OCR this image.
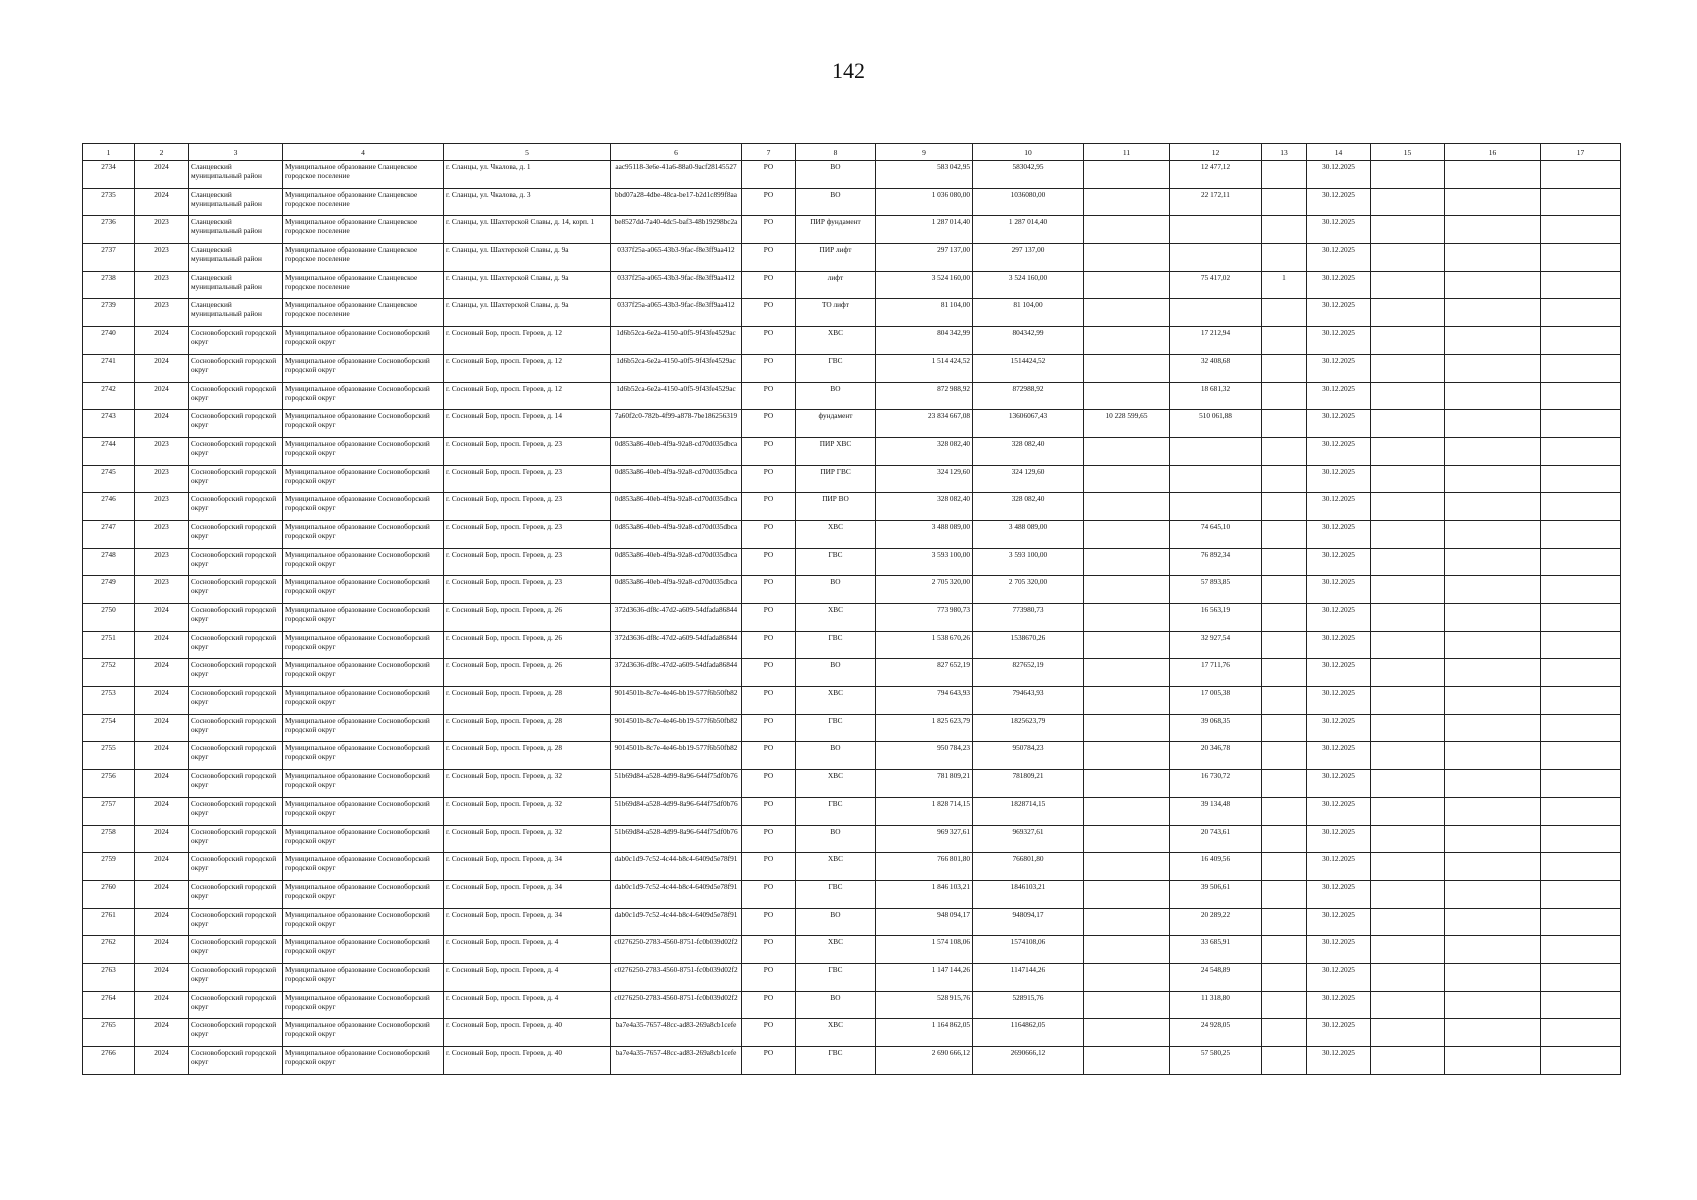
142
1	2	3	4	5	6	7	8	9	10	11	12	13	14	15	16	17
2734	2024	Сланцевский муниципальный район	Муниципальное образование Сланцевское городское поселение	г. Сланцы, ул. Чкалова, д. 1	aac95118-3e6e-41a6-88a0-9acf28145527	РО	ВО	583 042,95	583042,95		12 477,12		30.12.2025			
2735	2024	Сланцевский муниципальный район	Муниципальное образование Сланцевское городское поселение	г. Сланцы, ул. Чкалова, д. 3	bbd07a28-4dbe-48ca-be17-b2d1c899f8aa	РО	ВО	1 036 080,00	1036080,00		22 172,11		30.12.2025			
2736	2023	Сланцевский муниципальный район	Муниципальное образование Сланцевское городское поселение	г. Сланцы, ул. Шахтерской Славы, д. 14, корп. 1	be8527dd-7a40-4dc5-baf3-48b19298bc2a	РО	ПИР фундамент	1 287 014,40	1 287 014,40				30.12.2025			
2737	2023	Сланцевский муниципальный район	Муниципальное образование Сланцевское городское поселение	г. Сланцы, ул. Шахтерской Славы, д. 9а	0337f25a-a065-43b3-9fac-f8e3ff9aa412	РО	ПИР лифт	297 137,00	297 137,00				30.12.2025			
2738	2023	Сланцевский муниципальный район	Муниципальное образование Сланцевское городское поселение	г. Сланцы, ул. Шахтерской Славы, д. 9а	0337f25a-a065-43b3-9fac-f8e3ff9aa412	РО	лифт	3 524 160,00	3 524 160,00		75 417,02	1	30.12.2025			
2739	2023	Сланцевский муниципальный район	Муниципальное образование Сланцевское городское поселение	г. Сланцы, ул. Шахтерской Славы, д. 9а	0337f25a-a065-43b3-9fac-f8e3ff9aa412	РО	ТО лифт	81 104,00	81 104,00				30.12.2025			
2740	2024	Сосновоборский городской округ	Муниципальное образование Сосновоборский городской округ	г. Сосновый Бор, просп. Героев, д. 12	1d6b52ca-6e2a-4150-a0f5-9f43fe4529ac	РО	ХВС	804 342,99	804342,99		17 212,94		30.12.2025			
2741	2024	Сосновоборский городской округ	Муниципальное образование Сосновоборский городской округ	г. Сосновый Бор, просп. Героев, д. 12	1d6b52ca-6e2a-4150-a0f5-9f43fe4529ac	РО	ГВС	1 514 424,52	1514424,52		32 408,68		30.12.2025			
2742	2024	Сосновоборский городской округ	Муниципальное образование Сосновоборский городской округ	г. Сосновый Бор, просп. Героев, д. 12	1d6b52ca-6e2a-4150-a0f5-9f43fe4529ac	РО	ВО	872 988,92	872988,92		18 681,32		30.12.2025			
2743	2024	Сосновоборский городской округ	Муниципальное образование Сосновоборский городской округ	г. Сосновый Бор, просп. Героев, д. 14	7a60f2c0-782b-4f99-a878-7be186256319	РО	фундамент	23 834 667,08	13606067,43	10 228 599,65	510 061,88		30.12.2025			
2744	2023	Сосновоборский городской округ	Муниципальное образование Сосновоборский городской округ	г. Сосновый Бор, просп. Героев, д. 23	0d853a86-40eb-4f9a-92a8-cd70d035dbca	РО	ПИР ХВС	328 082,40	328 082,40				30.12.2025			
2745	2023	Сосновоборский городской округ	Муниципальное образование Сосновоборский городской округ	г. Сосновый Бор, просп. Героев, д. 23	0d853a86-40eb-4f9a-92a8-cd70d035dbca	РО	ПИР ГВС	324 129,60	324 129,60				30.12.2025			
2746	2023	Сосновоборский городской округ	Муниципальное образование Сосновоборский городской округ	г. Сосновый Бор, просп. Героев, д. 23	0d853a86-40eb-4f9a-92a8-cd70d035dbca	РО	ПИР ВО	328 082,40	328 082,40				30.12.2025			
2747	2023	Сосновоборский городской округ	Муниципальное образование Сосновоборский городской округ	г. Сосновый Бор, просп. Героев, д. 23	0d853a86-40eb-4f9a-92a8-cd70d035dbca	РО	ХВС	3 488 089,00	3 488 089,00		74 645,10		30.12.2025			
2748	2023	Сосновоборский городской округ	Муниципальное образование Сосновоборский городской округ	г. Сосновый Бор, просп. Героев, д. 23	0d853a86-40eb-4f9a-92a8-cd70d035dbca	РО	ГВС	3 593 100,00	3 593 100,00		76 892,34		30.12.2025			
2749	2023	Сосновоборский городской округ	Муниципальное образование Сосновоборский городской округ	г. Сосновый Бор, просп. Героев, д. 23	0d853a86-40eb-4f9a-92a8-cd70d035dbca	РО	ВО	2 705 320,00	2 705 320,00		57 893,85		30.12.2025			
2750	2024	Сосновоборский городской округ	Муниципальное образование Сосновоборский городской округ	г. Сосновый Бор, просп. Героев, д. 26	372d3636-df8c-47d2-a609-54dfada86844	РО	ХВС	773 980,73	773980,73		16 563,19		30.12.2025			
2751	2024	Сосновоборский городской округ	Муниципальное образование Сосновоборский городской округ	г. Сосновый Бор, просп. Героев, д. 26	372d3636-df8c-47d2-a609-54dfada86844	РО	ГВС	1 538 670,26	1538670,26		32 927,54		30.12.2025			
2752	2024	Сосновоборский городской округ	Муниципальное образование Сосновоборский городской округ	г. Сосновый Бор, просп. Героев, д. 26	372d3636-df8c-47d2-a609-54dfada86844	РО	ВО	827 652,19	827652,19		17 711,76		30.12.2025			
2753	2024	Сосновоборский городской округ	Муниципальное образование Сосновоборский городской округ	г. Сосновый Бор, просп. Героев, д. 28	9014501b-8c7e-4e46-bb19-577f6b50fb82	РО	ХВС	794 643,93	794643,93		17 005,38		30.12.2025			
2754	2024	Сосновоборский городской округ	Муниципальное образование Сосновоборский городской округ	г. Сосновый Бор, просп. Героев, д. 28	9014501b-8c7e-4e46-bb19-577f6b50fb82	РО	ГВС	1 825 623,79	1825623,79		39 068,35		30.12.2025			
2755	2024	Сосновоборский городской округ	Муниципальное образование Сосновоборский городской округ	г. Сосновый Бор, просп. Героев, д. 28	9014501b-8c7e-4e46-bb19-577f6b50fb82	РО	ВО	950 784,23	950784,23		20 346,78		30.12.2025			
2756	2024	Сосновоборский городской округ	Муниципальное образование Сосновоборский городской округ	г. Сосновый Бор, просп. Героев, д. 32	51b69d84-a528-4d99-8a96-644f75df0b76	РО	ХВС	781 809,21	781809,21		16 730,72		30.12.2025			
2757	2024	Сосновоборский городской округ	Муниципальное образование Сосновоборский городской округ	г. Сосновый Бор, просп. Героев, д. 32	51b69d84-a528-4d99-8a96-644f75df0b76	РО	ГВС	1 828 714,15	1828714,15		39 134,48		30.12.2025			
2758	2024	Сосновоборский городской округ	Муниципальное образование Сосновоборский городской округ	г. Сосновый Бор, просп. Героев, д. 32	51b69d84-a528-4d99-8a96-644f75df0b76	РО	ВО	969 327,61	969327,61		20 743,61		30.12.2025			
2759	2024	Сосновоборский городской округ	Муниципальное образование Сосновоборский городской округ	г. Сосновый Бор, просп. Героев, д. 34	dab0c1d9-7c52-4c44-b8c4-6409d5e78f91	РО	ХВС	766 801,80	766801,80		16 409,56		30.12.2025			
2760	2024	Сосновоборский городской округ	Муниципальное образование Сосновоборский городской округ	г. Сосновый Бор, просп. Героев, д. 34	dab0c1d9-7c52-4c44-b8c4-6409d5e78f91	РО	ГВС	1 846 103,21	1846103,21		39 506,61		30.12.2025			
2761	2024	Сосновоборский городской округ	Муниципальное образование Сосновоборский городской округ	г. Сосновый Бор, просп. Героев, д. 34	dab0c1d9-7c52-4c44-b8c4-6409d5e78f91	РО	ВО	948 094,17	948094,17		20 289,22		30.12.2025			
2762	2024	Сосновоборский городской округ	Муниципальное образование Сосновоборский городской округ	г. Сосновый Бор, просп. Героев, д. 4	c0276250-2783-4560-8751-fc0b039d02f2	РО	ХВС	1 574 108,06	1574108,06		33 685,91		30.12.2025			
2763	2024	Сосновоборский городской округ	Муниципальное образование Сосновоборский городской округ	г. Сосновый Бор, просп. Героев, д. 4	c0276250-2783-4560-8751-fc0b039d02f2	РО	ГВС	1 147 144,26	1147144,26		24 548,89		30.12.2025			
2764	2024	Сосновоборский городской округ	Муниципальное образование Сосновоборский городской округ	г. Сосновый Бор, просп. Героев, д. 4	c0276250-2783-4560-8751-fc0b039d02f2	РО	ВО	528 915,76	528915,76		11 318,80		30.12.2025			
2765	2024	Сосновоборский городской округ	Муниципальное образование Сосновоборский городской округ	г. Сосновый Бор, просп. Героев, д. 40	ba7e4a35-7657-48cc-ad83-269a8cb1cefe	РО	ХВС	1 164 862,05	1164862,05		24 928,05		30.12.2025			
2766	2024	Сосновоборский городской округ	Муниципальное образование Сосновоборский городской округ	г. Сосновый Бор, просп. Героев, д. 40	ba7e4a35-7657-48cc-ad83-269a8cb1cefe	РО	ГВС	2 690 666,12	2690666,12		57 580,25		30.12.2025			
